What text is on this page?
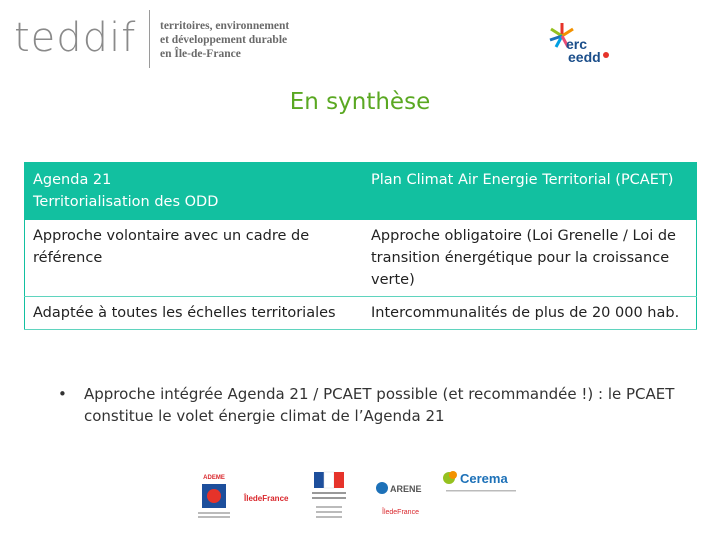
teddif territoires, environnement
et développement durable
en Île-de-France
erc
eedd
En synthèse
Agenda 21
Territorialisation des ODD	Plan Climat Air Energie Territorial (PCAET)
Approche volontaire avec un cadre de référence	Approche obligatoire (Loi Grenelle / Loi de transition énergétique pour la croissance verte)
Adaptée à toutes les échelles territoriales	Intercommunalités de plus de 20 000 hab.
•	Approche intégrée Agenda 21 / PCAET possible (et recommandée !) : le PCAET constitue le volet énergie climat de l’Agenda 21
ADEME
ÎledeFrance
ARENE
ÎledeFrance
Cerema
